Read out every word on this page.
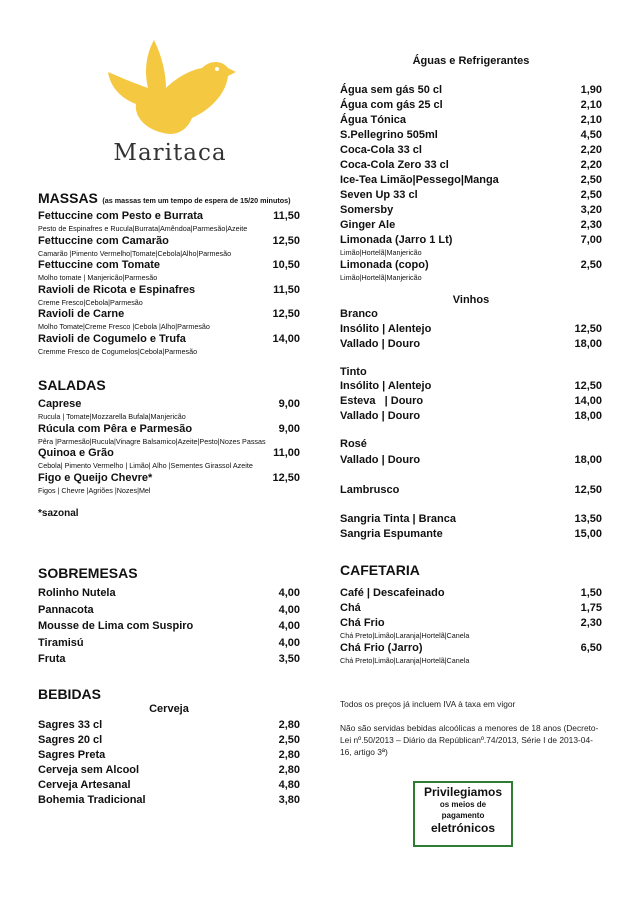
Maritaca
MASSAS (as massas tem um tempo de espera de 15/20 minutos)
Fettuccine com Pesto e Burrata	11,50
Pesto de Espinafres e Rucula|Burrata|Amêndoa|Parmesão|Azeite
Fettuccine com Camarão	12,50
Camarão |Pimento Vermelho|Tomate|Cebola|Alho|Parmesão
Fettuccine com Tomate	10,50
Molho tomate | Manjericão|Parmesão
Ravioli de Ricota e Espinafres	11,50
Creme Fresco|Cebola|Parmesão
Ravioli de Carne	12,50
Molho Tomate|Creme Fresco |Cebola |Alho|Parmesão
Ravioli de Cogumelo e Trufa	14,00
Cremme Fresco de Cogumelos|Cebola|Parmesão
SALADAS
Caprese	9,00
Rucula | Tomate|Mozzarella Bufala|Manjericão
Rúcula com Pêra e Parmesão	9,00
Pêra |Parmesão|Rucula|Vinagre Balsamico|Azeite|Pesto|Nozes Passas
Quinoa e Grão	11,00
Cebola| Pimento Vermelho | Limão| Alho |Sementes Girassol Azeite
Figo e Queijo Chevre*	12,50
Figos | Chevre |Agriões |Nozes|Mel
*sazonal
SOBREMESAS
Rolinho Nutela	4,00
Pannacota	4,00
Mousse de Lima com Suspiro	4,00
Tiramisú	4,00
Fruta	3,50
BEBIDAS
Cerveja
Sagres 33 cl	2,80
Sagres 20 cl	2,50
Sagres Preta	2,80
Cerveja sem Alcool	2,80
Cerveja Artesanal	4,80
Bohemia Tradicional	3,80
Águas e Refrigerantes
Água sem gás 50 cl	1,90
Água com gás 25 cl	2,10
Água Tónica	2,10
S.Pellegrino 505ml	4,50
Coca-Cola 33 cl	2,20
Coca-Cola Zero 33 cl	2,20
Ice-Tea Limão|Pessego|Manga	2,50
Seven Up 33 cl	2,50
Somersby	3,20
Ginger Ale	2,30
Limonada (Jarro 1 Lt)	7,00
Limão|Hortelã|Manjericão
Limonada (copo)	2,50
Limão|Hortelã|Manjericão
Vinhos
Branco
Insólito | Alentejo	12,50
Vallado | Douro	18,00
Tinto
Insólito | Alentejo	12,50
Esteva   | Douro	14,00
Vallado | Douro	18,00
Rosé
Vallado | Douro	18,00
Lambrusco	12,50
Sangria Tinta | Branca	13,50
Sangria Espumante	15,00
CAFETARIA
Café | Descafeinado	1,50
Chá	1,75
Chá Frio	2,30
Chá Preto|Limão|Laranja|Hortelã|Canela
Chá Frio (Jarro)	6,50
Chá Preto|Limão|Laranja|Hortelã|Canela
Todos os preços já incluem IVA à taxa em vigor
Não são servidas bebidas alcoólicas a menores de 18 anos (Decreto-Lei nº.50/2013 – Diário da Repúblicanº.74/2013, Série I de 2013-04-16, artigo 3ª)
Privilegiamos
os meios de
pagamento
eletrónicos
